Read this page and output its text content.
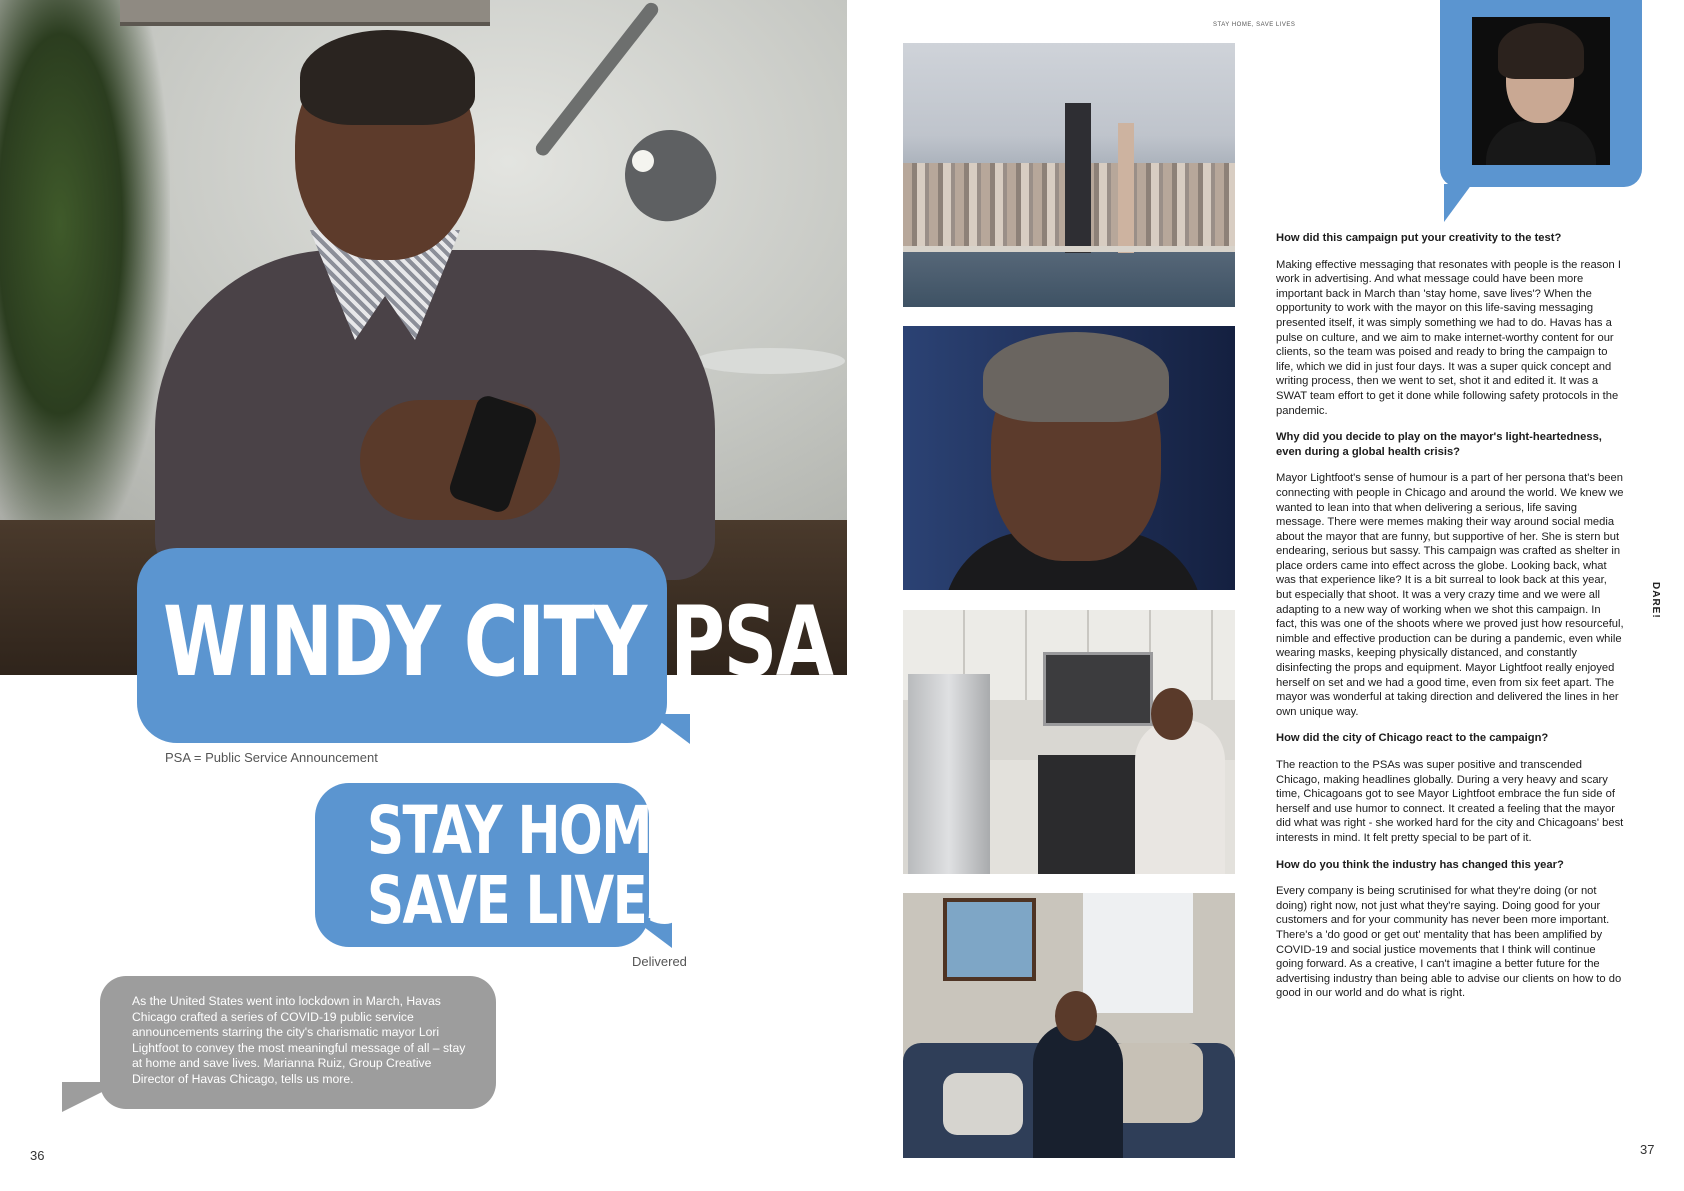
WINDY CITY PSA
PSA = Public Service Announcement
STAY HOME
SAVE LIVES
Delivered
As the United States went into lockdown in March, Havas Chicago crafted a series of COVID-19 public service announcements starring the city's charismatic mayor Lori Lightfoot to convey the most meaningful message of all – stay at home and save lives. Marianna Ruiz, Group Creative Director of Havas Chicago, tells us more.
36
STAY HOME, SAVE LIVES

How did this campaign put your creativity to the test?

Making effective messaging that resonates with people is the reason I work in advertising. And what message could have been more important back in March than 'stay home, save lives'? When the opportunity to work with the mayor on this life-saving messaging presented itself, it was simply something we had to do. Havas has a pulse on culture, and we aim to make internet-worthy content for our clients, so the team was poised and ready to bring the campaign to life, which we did in just four days. It was a super quick concept and writing process, then we went to set, shot it and edited it. It was a SWAT team effort to get it done while following safety protocols in the pandemic.

Why did you decide to play on the mayor's light-heartedness, even during a global health crisis?

Mayor Lightfoot's sense of humour is a part of her persona that's been connecting with people in Chicago and around the world. We knew we wanted to lean into that when delivering a serious, life saving message. There were memes making their way around social media about the mayor that are funny, but supportive of her. She is stern but endearing, serious but sassy. This campaign was crafted as shelter in place orders came into effect across the globe. Looking back, what was that experience like? It is a bit surreal to look back at this year, but especially that shoot. It was a very crazy time and we were all adapting to a new way of working when we shot this campaign. In fact, this was one of the shoots where we proved just how resourceful, nimble and effective production can be during a pandemic, even while wearing masks, keeping physically distanced, and constantly disinfecting the props and equipment. Mayor Lightfoot really enjoyed herself on set and we had a good time, even from six feet apart. The mayor was wonderful at taking direction and delivered the lines in her own unique way.

How did the city of Chicago react to the campaign?

The reaction to the PSAs was super positive and transcended Chicago, making headlines globally. During a very heavy and scary time, Chicagoans got to see Mayor Lightfoot embrace the fun side of herself and use humor to connect. It created a feeling that the mayor did what was right - she worked hard for the city and Chicagoans' best interests in mind. It felt pretty special to be part of it.

How do you think the industry has changed this year?

Every company is being scrutinised for what they're doing (or not doing) right now, not just what they're saying. Doing good for your customers and for your community has never been more important. There's a 'do good or get out' mentality that has been amplified by COVID-19 and social justice movements that I think will continue going forward. As a creative, I can't imagine a better future for the advertising industry than being able to advise our clients on how to do good in our world and do what is right.

DARE!
37
